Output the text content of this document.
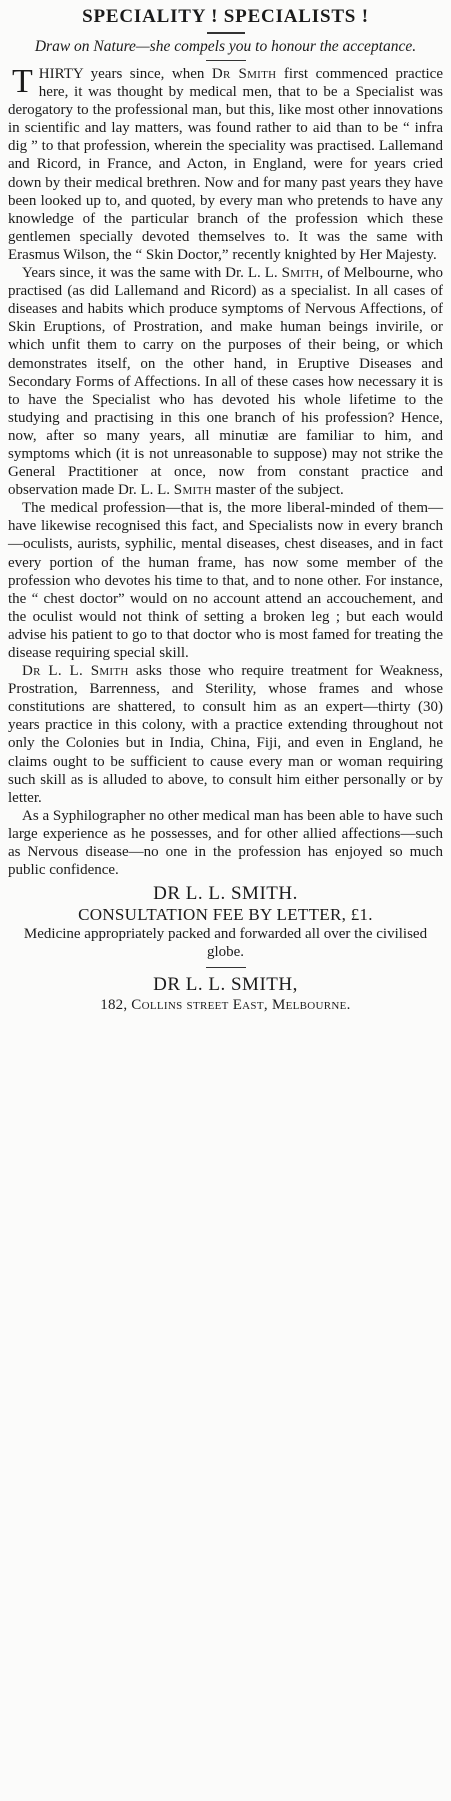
SPECIALITY ! SPECIALISTS !

Draw on Nature—she compels you to honour the acceptance.

THIRTY years since, when Dr Smith first commenced practice here, it was thought by medical men, that to be a Specialist was derogatory to the professional man, but this, like most other innovations in scientific and lay matters, was found rather to aid than to be “ infra dig ” to that profession, wherein the speciality was practised. Lallemand and Ricord, in France, and Acton, in England, were for years cried down by their medical brethren. Now and for many past years they have been looked up to, and quoted, by every man who pretends to have any knowledge of the particular branch of the profession which these gentlemen specially devoted themselves to. It was the same with Erasmus Wilson, the “ Skin Doctor,” recently knighted by Her Majesty.

Years since, it was the same with Dr. L. L. Smith, of Melbourne, who practised (as did Lallemand and Ricord) as a specialist. In all cases of diseases and habits which produce symptoms of Nervous Affections, of Skin Eruptions, of Prostration, and make human beings invirile, or which unfit them to carry on the purposes of their being, or which demonstrates itself, on the other hand, in Eruptive Diseases and Secondary Forms of Affections. In all of these cases how necessary it is to have the Specialist who has devoted his whole lifetime to the studying and practising in this one branch of his profession? Hence, now, after so many years, all minutiæ are familiar to him, and symptoms which (it is not unreasonable to suppose) may not strike the General Practitioner at once, now from constant practice and observation made Dr. L. L. Smith master of the subject.

The medical profession—that is, the more liberal-minded of them—have likewise recognised this fact, and Specialists now in every branch—oculists, aurists, syphilic, mental diseases, chest diseases, and in fact every portion of the human frame, has now some member of the profession who devotes his time to that, and to none other. For instance, the “ chest doctor” would on no account attend an accouchement, and the oculist would not think of setting a broken leg ; but each would advise his patient to go to that doctor who is most famed for treating the disease requiring special skill.

Dr L. L. Smith asks those who require treatment for Weakness, Prostration, Barrenness, and Sterility, whose frames and whose constitutions are shattered, to consult him as an expert—thirty (30) years practice in this colony, with a practice extending throughout not only the Colonies but in India, China, Fiji, and even in England, he claims ought to be sufficient to cause every man or woman requiring such skill as is alluded to above, to consult him either personally or by letter.

As a Syphilographer no other medical man has been able to have such large experience as he possesses, and for other allied affections—such as Nervous disease—no one in the profession has enjoyed so much public confidence.

DR L. L. SMITH.

CONSULTATION FEE BY LETTER, £1.

Medicine appropriately packed and forwarded all over the civilised globe.

DR L. L. SMITH,

182, Collins street East, Melbourne.
